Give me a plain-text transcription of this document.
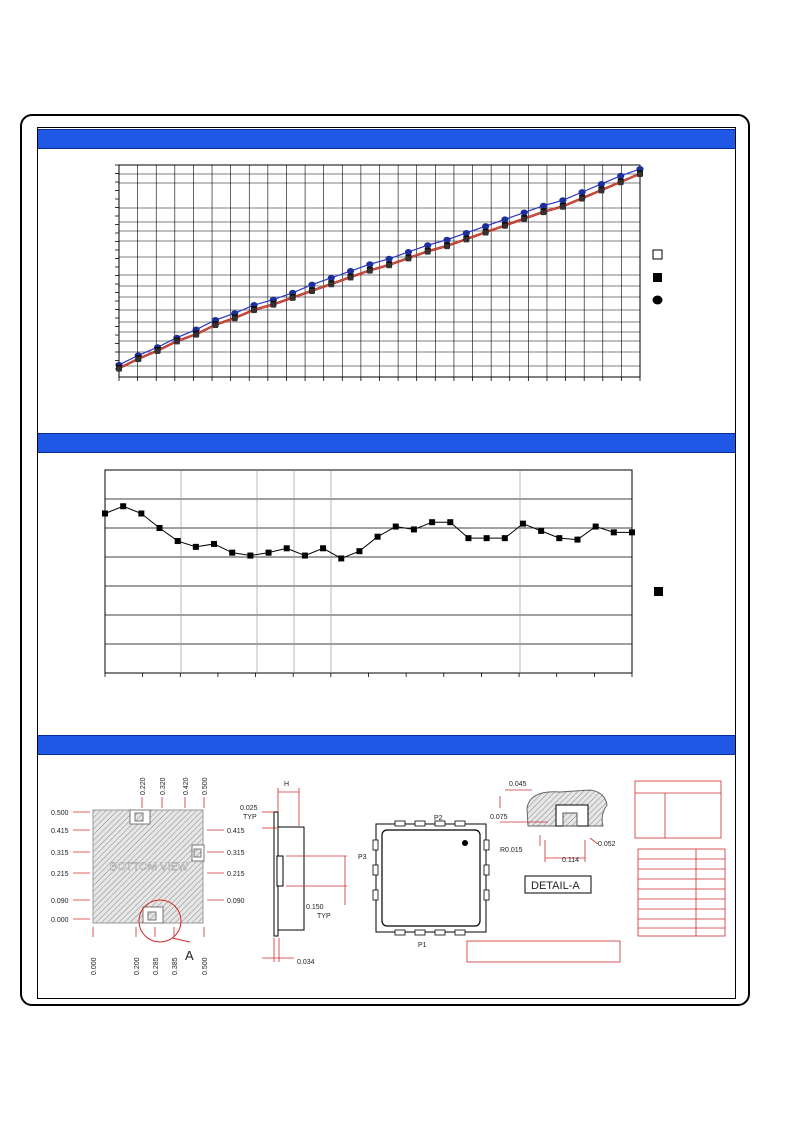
BOTTOM VIEW
A
0.220 0.320 0.420 0.500
0.500
0.415
0.315
0.215
0.090
0.000
0.415
0.315
0.215
0.090
0.000	0.200 0.285 0.385	0.500
H
0.025
TYP
0.150
TYP
0.034
P2
P3
P1
0.045
0.075
R0.015
0.114
0.052
DETAIL-A
